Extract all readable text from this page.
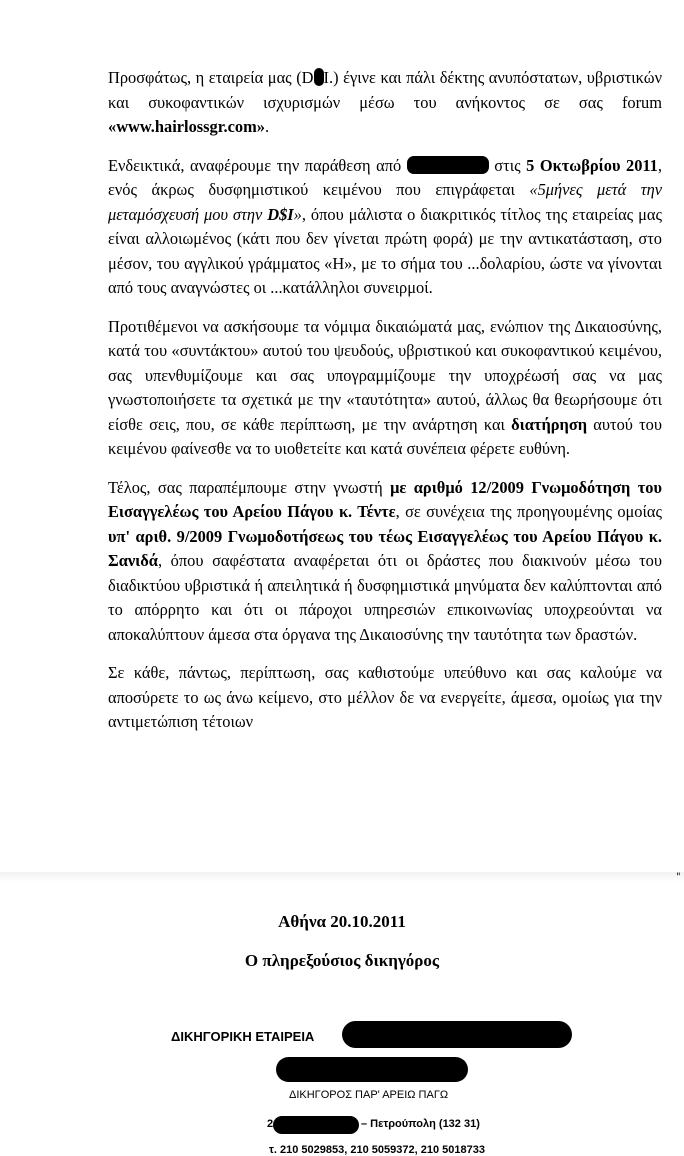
Προσφάτως, η εταιρεία μας (D I.) έγινε και πάλι δέκτης ανυπόστατων, υβριστικών και συκοφαντικών ισχυρισμών μέσω του ανήκοντος σε σας forum «www.hairlossgr.com».

Ενδεικτικά, αναφέρουμε την παράθεση από	στις 5 Οκτωβρίου 2011, ενός άκρως δυσφημιστικού κειμένου που επιγράφεται «5μήνες μετά την μεταμόσχευσή μου στην D$I», όπου μάλιστα ο διακριτικός τίτλος της εταιρείας μας είναι αλλοιωμένος (κάτι που δεν γίνεται πρώτη φορά) με την αντικατάσταση, στο μέσον, του αγγλικού γράμματος «Η», με το σήμα του ...δολαρίου, ώστε να γίνονται από τους αναγνώστες οι ...κατάλληλοι συνειρμοί.

Προτιθέμενοι να ασκήσουμε τα νόμιμα δικαιώματά μας, ενώπιον της Δικαιοσύνης, κατά του «συντάκτου» αυτού του ψευδούς, υβριστικού και συκοφαντικού κειμένου, σας υπενθυμίζουμε και σας υπογραμμίζουμε την υποχρέωσή σας να μας γνωστοποιήσετε τα σχετικά με την «ταυτότητα» αυτού, άλλως θα θεωρήσουμε ότι είσθε σεις, που, σε κάθε περίπτωση, με την ανάρτηση και διατήρηση αυτού του κειμένου φαίνεσθε να το υιοθετείτε και κατά συνέπεια φέρετε ευθύνη.

Τέλος, σας παραπέμπουμε στην γνωστή με αριθμό 12/2009 Γνωμοδότηση του Εισαγγελέως του Αρείου Πάγου κ. Τέντε, σε συνέχεια της προηγουμένης ομοίας υπ' αριθ. 9/2009 Γνωμοδοτήσεως του τέως Εισαγγελέως του Αρείου Πάγου κ. Σανιδά, όπου σαφέστατα αναφέρεται ότι οι δράστες που διακινούν μέσω του διαδικτύου υβριστικά ή απειλητικά ή δυσφημιστικά μηνύματα δεν καλύπτονται από το απόρρητο και ότι οι πάροχοι υπηρεσιών επικοινωνίας υποχρεούνται να αποκαλύπτουν άμεσα στα όργανα της Δικαιοσύνης την ταυτότητα των δραστών.

Σε κάθε, πάντως, περίπτωση, σας καθιστούμε υπεύθυνο και σας καλούμε να αποσύρετε το ως άνω κείμενο, στο μέλλον δε να ενεργείτε, άμεσα, ομοίως για την αντιμετώπιση τέτοιων

"
Αθήνα 20.10.2011
Ο πληρεξούσιος δικηγόρος
ΔΙΚΗΓΟΡΙΚΗ ΕΤΑΙΡΕΙΑ
ΔΙΚΗΓΟΡΟΣ ΠΑΡ' ΑΡΕΙΩ ΠΑΓΩ
2	– Πετρούπολη (132 31)
τ. 210 5029853, 210 5059372, 210 5018733
